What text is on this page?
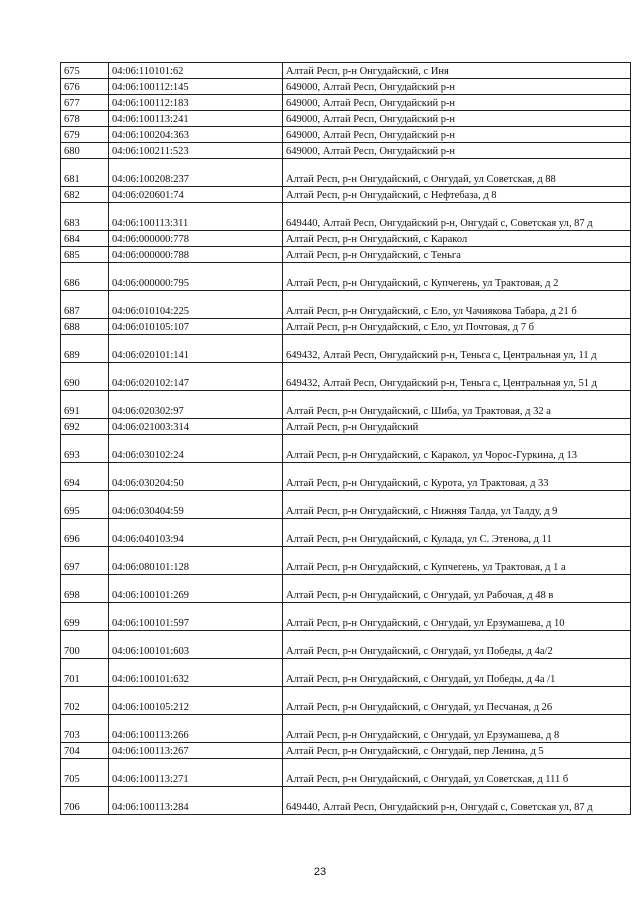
675	04:06:110101:62	Алтай Респ, р-н Онгудайский, с Иня
676	04:06:100112:145	649000, Алтай Респ, Онгудайский р-н
677	04:06:100112:183	649000, Алтай Респ, Онгудайский р-н
678	04:06:100113:241	649000, Алтай Респ, Онгудайский р-н
679	04:06:100204:363	649000, Алтай Респ, Онгудайский р-н
680	04:06:100211:523	649000, Алтай Респ, Онгудайский р-н
681	04:06:100208:237	Алтай Респ, р-н Онгудайский, с Онгудай, ул Советская, д 88
682	04:06:020601:74	Алтай Респ, р-н Онгудайский, с Нефтебаза, д 8
683	04:06:100113:311	649440, Алтай Респ, Онгудайский р-н, Онгудай с, Советская ул, 87 д
684	04:06:000000:778	Алтай Респ, р-н Онгудайский, с Каракол
685	04:06:000000:788	Алтай Респ, р-н Онгудайский, с Теньга
686	04:06:000000:795	Алтай Респ, р-н Онгудайский, с Купчегень, ул Трактовая, д 2
687	04:06:010104:225	Алтай Респ, р-н Онгудайский, с Ело, ул Чачиякова Табара, д 21 б
688	04:06:010105:107	Алтай Респ, р-н Онгудайский, с Ело, ул Почтовая, д 7 б
689	04:06:020101:141	649432, Алтай Респ, Онгудайский р-н, Теньга с, Центральная ул, 11 д
690	04:06:020102:147	649432, Алтай Респ, Онгудайский р-н, Теньга с, Центральная ул, 51 д
691	04:06:020302:97	Алтай Респ, р-н Онгудайский, с Шиба, ул Трактовая, д 32 а
692	04:06:021003:314	Алтай Респ, р-н Онгудайский
693	04:06:030102:24	Алтай Респ, р-н Онгудайский, с Каракол, ул Чорос-Гуркина, д 13
694	04:06:030204:50	Алтай Респ, р-н Онгудайский, с Курота, ул Трактовая, д 33
695	04:06:030404:59	Алтай Респ, р-н Онгудайский, с Нижняя Талда, ул Талду, д 9
696	04:06:040103:94	Алтай Респ, р-н Онгудайский, с Кулада, ул С. Этенова, д 11
697	04:06:080101:128	Алтай Респ, р-н Онгудайский, с Купчегень, ул Трактовая, д 1 а
698	04:06:100101:269	Алтай Респ, р-н Онгудайский, с Онгудай, ул Рабочая, д 48 в
699	04:06:100101:597	Алтай Респ, р-н Онгудайский, с Онгудай, ул Ерзумашева, д 10
700	04:06:100101:603	Алтай Респ, р-н Онгудайский, с Онгудай, ул Победы, д 4а/2
701	04:06:100101:632	Алтай Респ, р-н Онгудайский, с Онгудай, ул Победы, д 4а /1
702	04:06:100105:212	Алтай Респ, р-н Онгудайский, с Онгудай, ул Песчаная, д 26
703	04:06:100113:266	Алтай Респ, р-н Онгудайский, с Онгудай, ул Ерзумашева, д 8
704	04:06:100113:267	Алтай Респ, р-н Онгудайский, с Онгудай, пер Ленина, д 5
705	04:06:100113:271	Алтай Респ, р-н Онгудайский, с Онгудай, ул Советская, д 111 б
706	04:06:100113:284	649440, Алтай Респ, Онгудайский р-н, Онгудай с, Советская ул, 87 д
23
